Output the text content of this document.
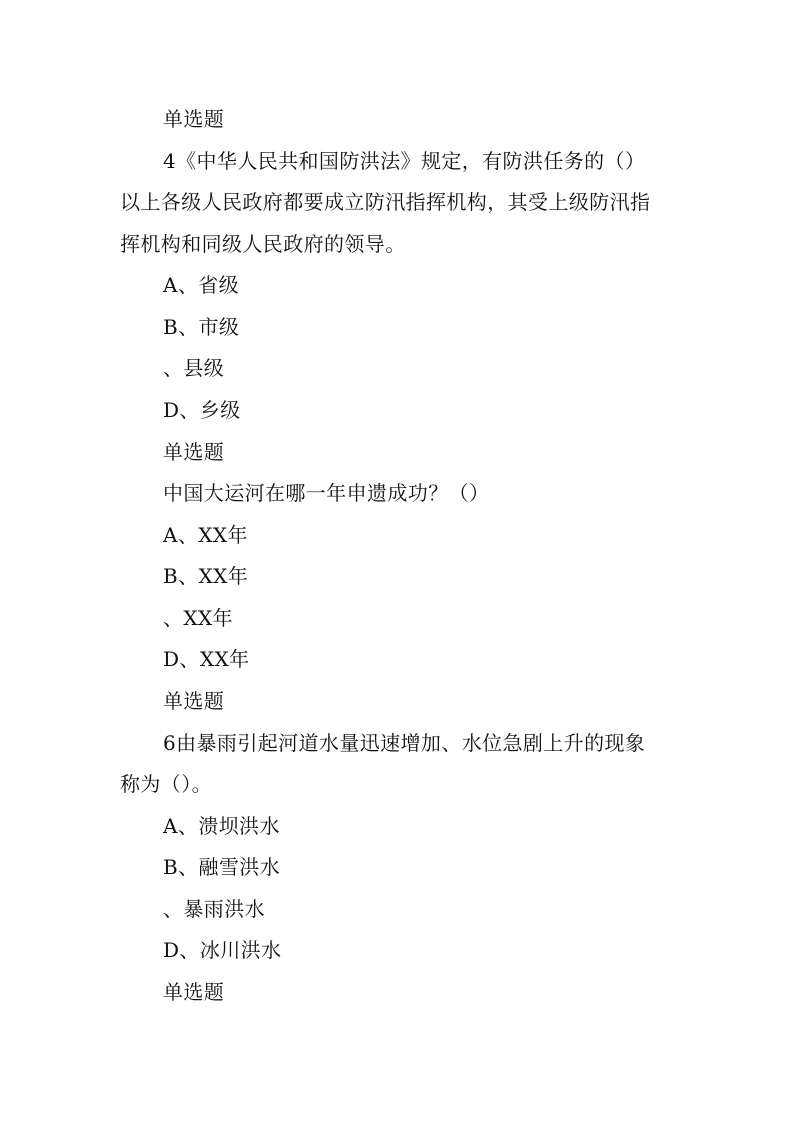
单选题
4《中华人民共和国防洪法》规定，有防洪任务的（）
以上各级人民政府都要成立防汛指挥机构，其受上级防汛指
挥机构和同级人民政府的领导。
A、省级
B、市级
、县级
D、乡级
单选题
中国大运河在哪一年申遗成功？（）
A、XX年
B、XX年
、XX年
D、XX年
单选题
6由暴雨引起河道水量迅速增加、水位急剧上升的现象
称为（）。
A、溃坝洪水
B、融雪洪水
、暴雨洪水
D、冰川洪水
单选题
